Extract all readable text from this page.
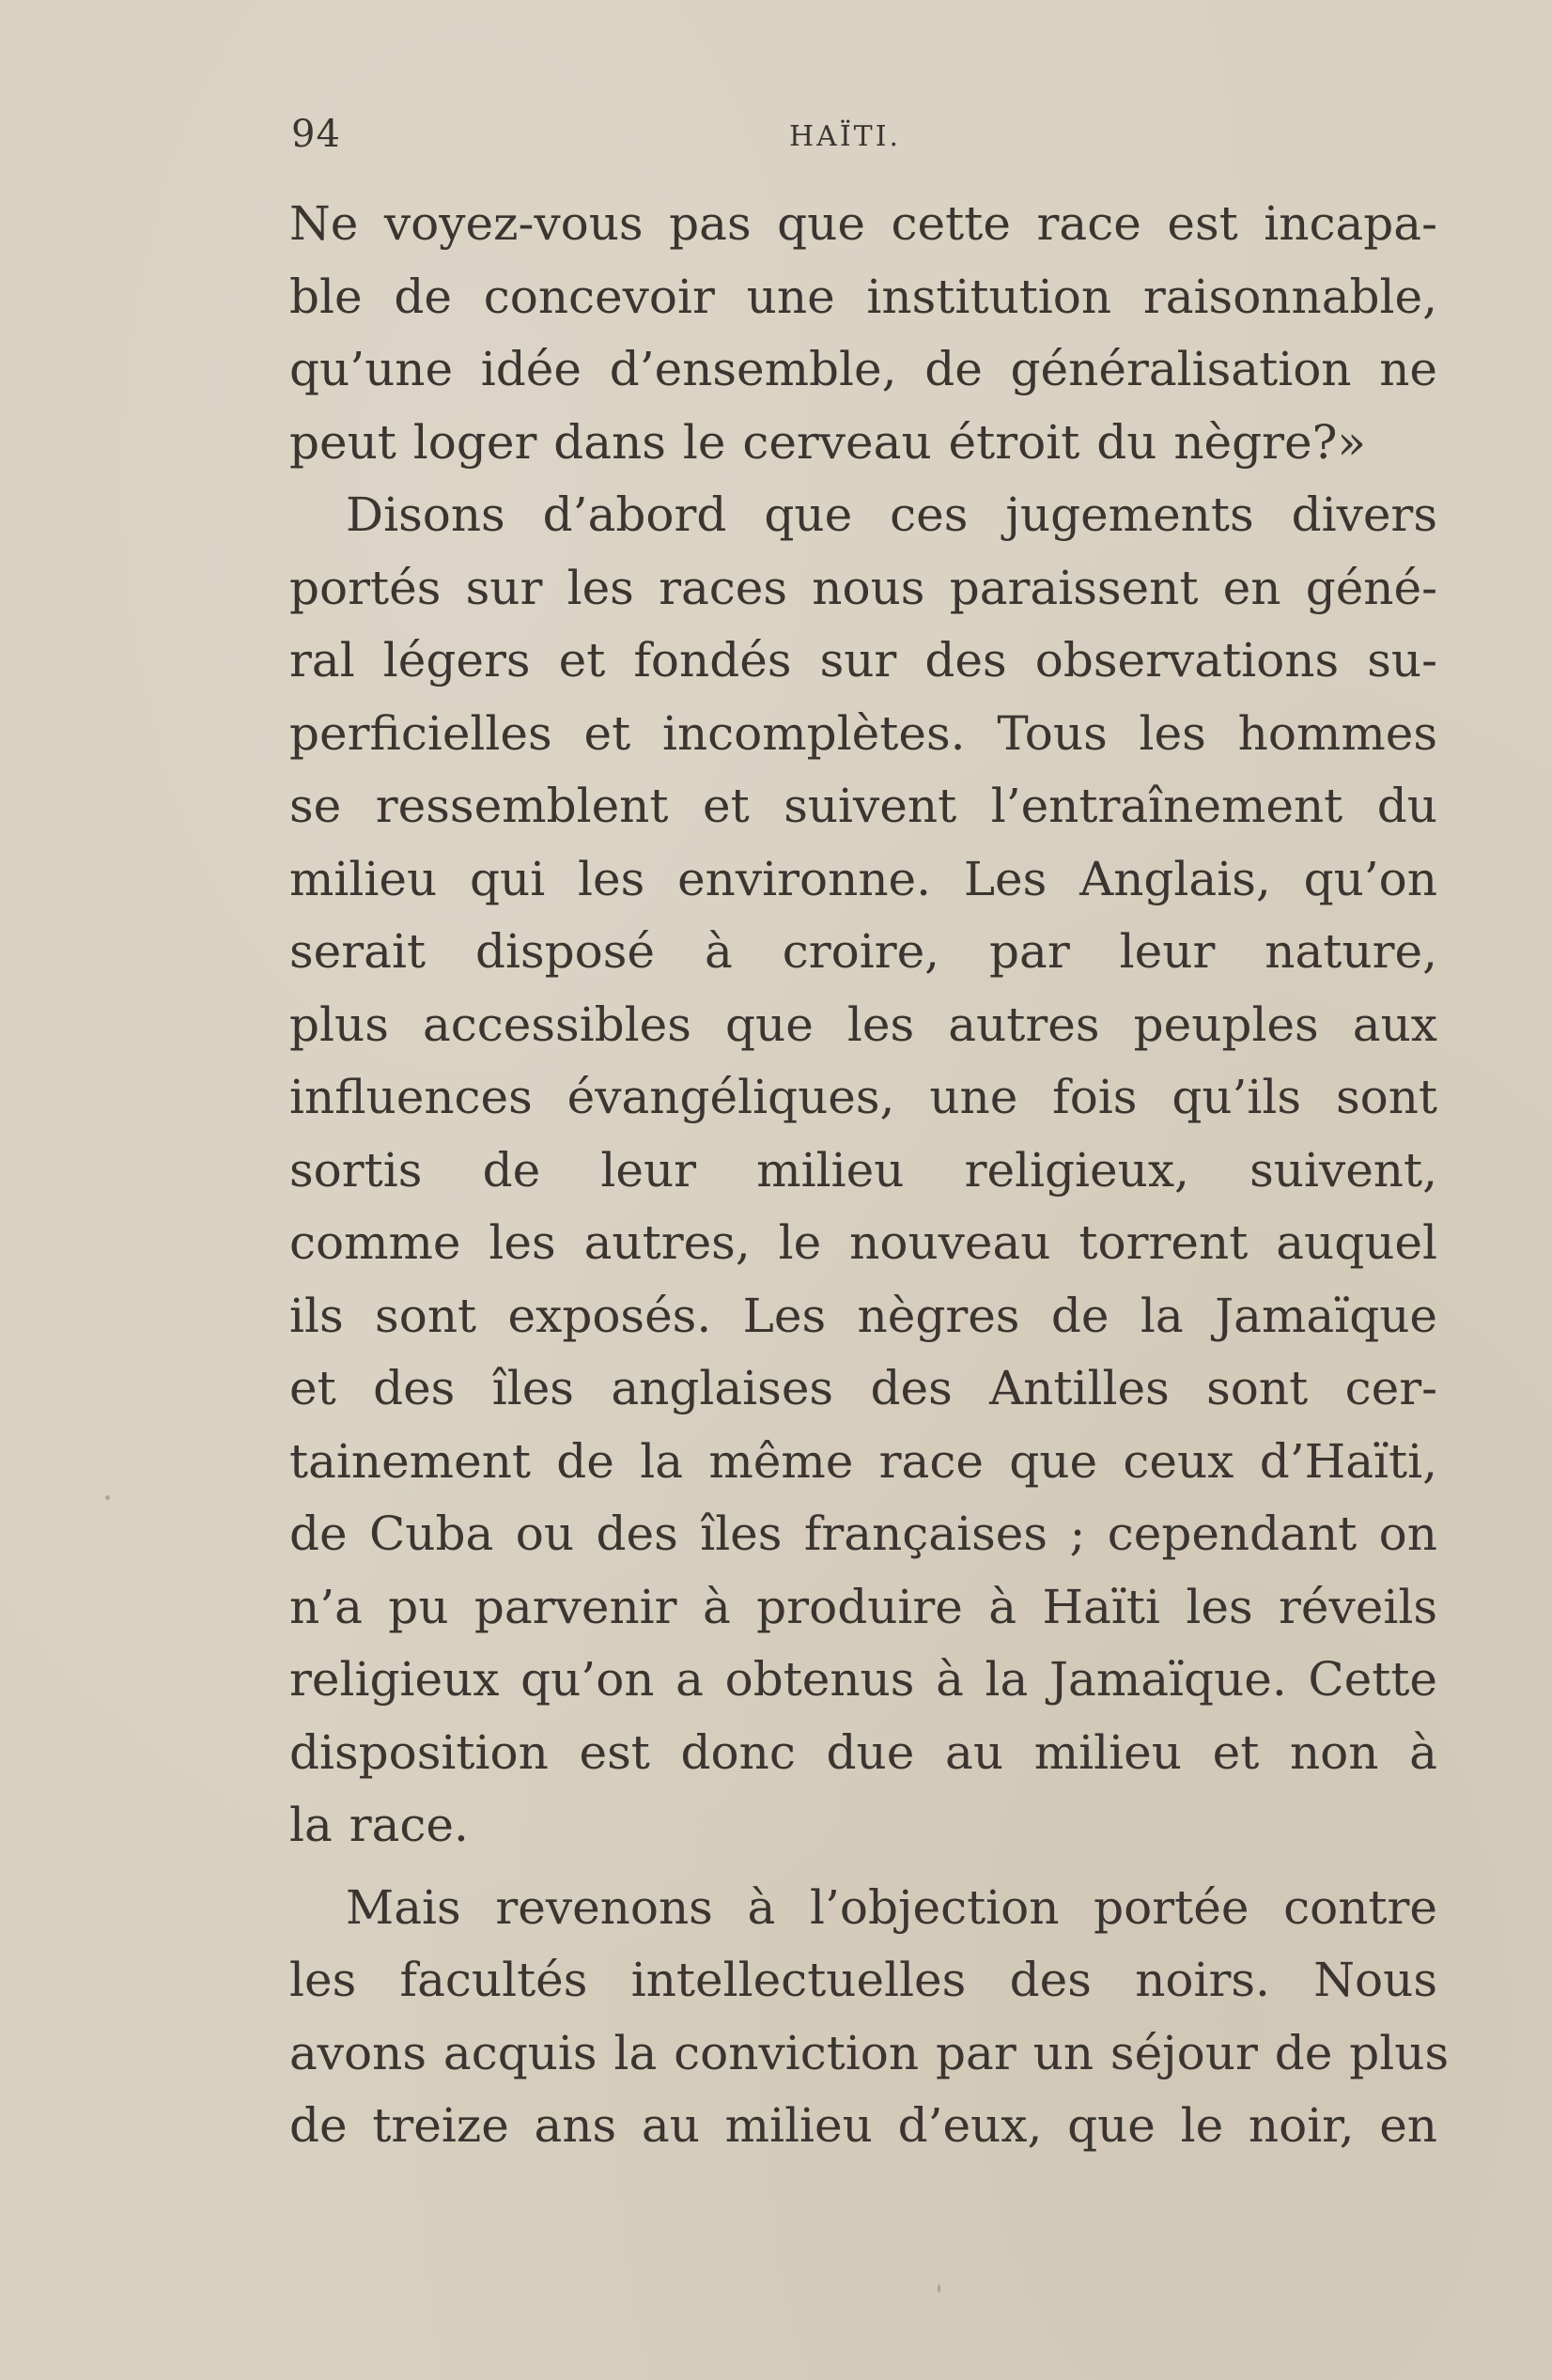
94	HAÏTI.
Ne voyez-vous pas que cette race est incapa-
ble de concevoir une institution raisonnable,
qu’une idée d’ensemble, de généralisation ne
peut loger dans le cerveau étroit du nègre?»
Disons d’abord que ces jugements divers
portés sur les races nous paraissent en géné-
ral légers et fondés sur des observations su-
perficielles et incomplètes. Tous les hommes
se ressemblent et suivent l’entraînement du
milieu qui les environne. Les Anglais, qu’on
serait disposé à croire, par leur nature,
plus accessibles que les autres peuples aux
influences évangéliques, une fois qu’ils sont
sortis de leur milieu religieux, suivent,
comme les autres, le nouveau torrent auquel
ils sont exposés. Les nègres de la Jamaïque
et des îles anglaises des Antilles sont cer-
tainement de la même race que ceux d’Haïti,
de Cuba ou des îles françaises ; cependant on
n’a pu parvenir à produire à Haïti les réveils
religieux qu’on a obtenus à la Jamaïque. Cette
disposition est donc due au milieu et non à
la race.
Mais revenons à l’objection portée contre
les facultés intellectuelles des noirs. Nous
avons acquis la conviction par un séjour de plus
de treize ans au milieu d’eux, que le noir, en
